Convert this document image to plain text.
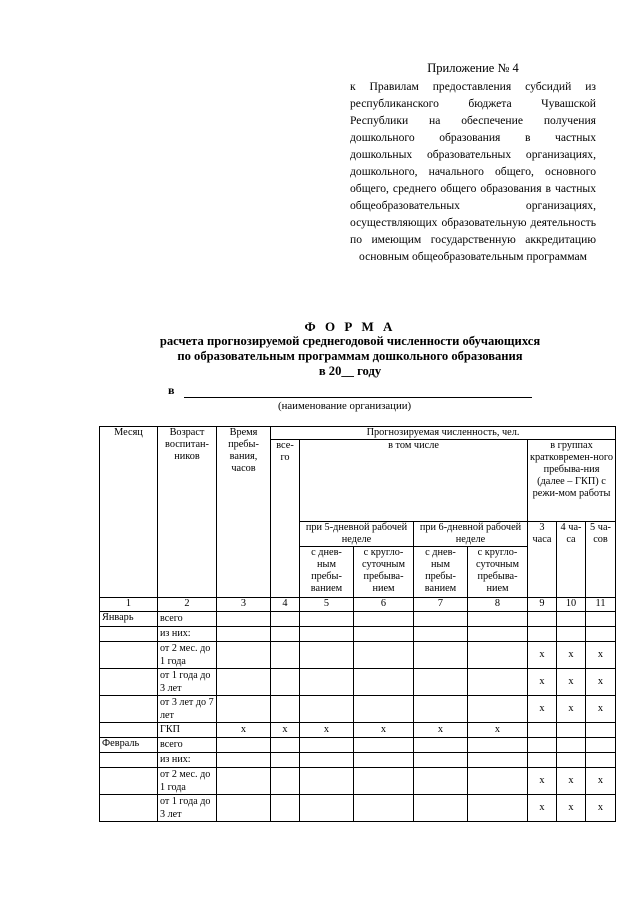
Приложение № 4
к Правилам предоставления субсидий из республиканского бюджета Чувашской Республики на обеспечение получения дошкольного образования в частных дошкольных образовательных организациях, дошкольного, начального общего, основного общего, среднего общего образования в частных общеобразовательных организациях, осуществляющих образовательную деятельность по имеющим государственную аккредитацию основным общеобразовательным программам
Ф О Р М А
расчета прогнозируемой среднегодовой численности обучающихся
по образовательным программам дошкольного образования
в 20__ году
в
(наименование организации)
Месяц	Возраст воспитан-ников	Время пребы-вания, часов	Прогнозируемая численность, чел.							
			все-го	в том числе				в группах кратковремен-ного пребыва-ния (далее – ГКП) с режи-мом работы		
				при 5-дневной рабочей неделе		при 6-дневной рабочей неделе		3 часа	4 ча-са	5 ча-сов
				с днев-ным пребы-ванием	с кругло-суточным пребыва-нием	с днев-ным пребы-ванием	с кругло-суточным пребыва-нием			
1	2	3	4	5	6	7	8	9	10	11
Январь	всего									
	из них:									
	от 2 мес. до 1 года							x	x	x
	от 1 года до 3 лет							x	x	x
	от 3 лет до 7 лет							x	x	x
	ГКП	x	x	x	x	x	x			
Февраль	всего									
	из них:									
	от 2 мес. до 1 года							x	x	x
	от 1 года до 3 лет							x	x	x
